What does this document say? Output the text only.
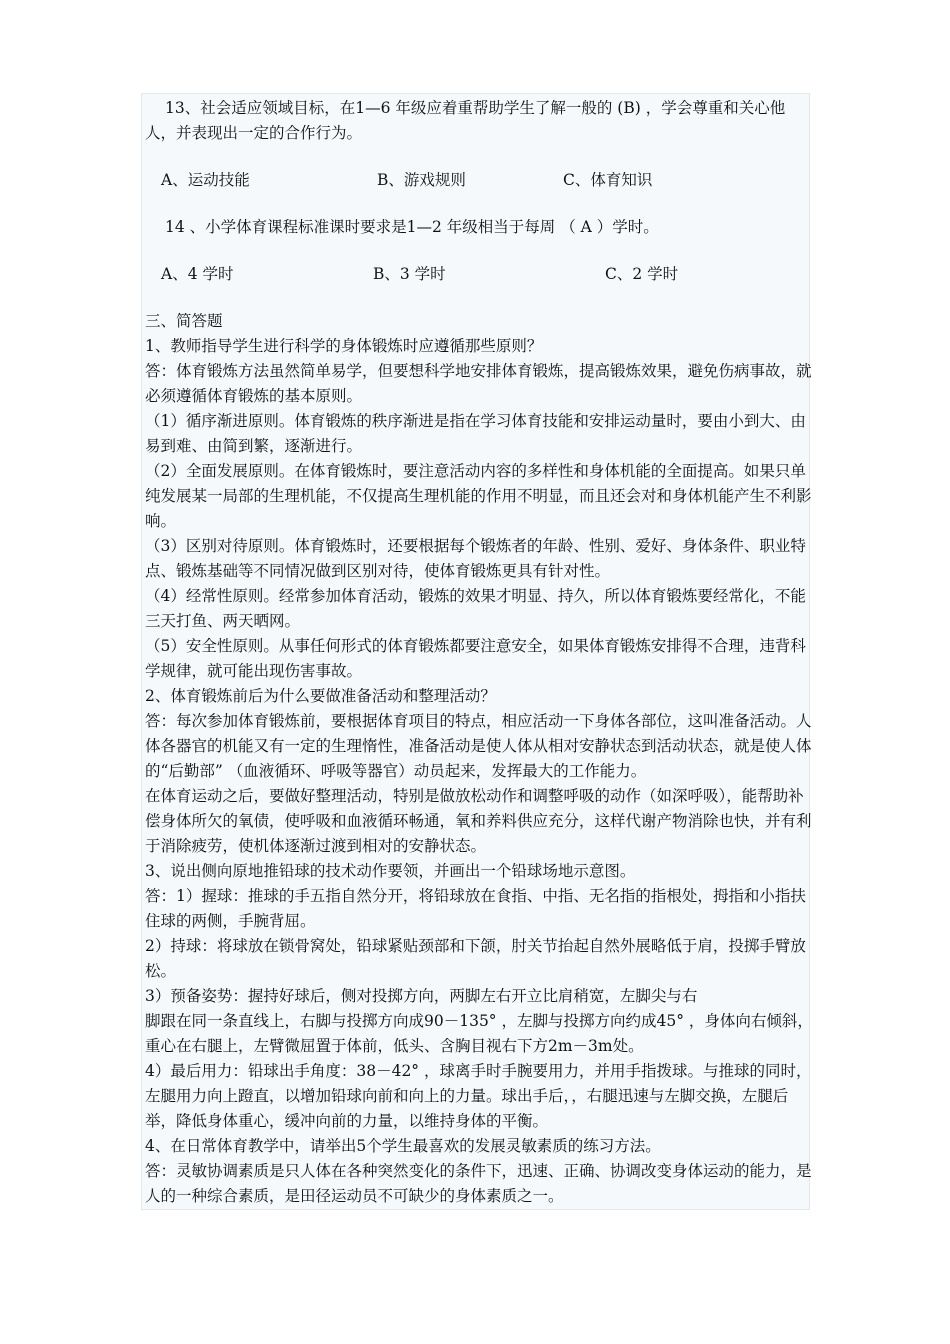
13、社会适应领域目标，在1—6 年级应着重帮助学生了解一般的 (B) ，学会尊重和关心他人，并表现出一定的合作行为。

A、运动技能	B、游戏规则	C、体育知识

14 、小学体育课程标准课时要求是1—2 年级相当于每周 （ A ）学时。

A、4 学时	B、3 学时	C、2 学时

三、简答题

1、教师指导学生进行科学的身体锻炼时应遵循那些原则？

答：体育锻炼方法虽然简单易学，但要想科学地安排体育锻炼，提高锻炼效果，避免伤病事故，就必须遵循体育锻炼的基本原则。

（1）循序渐进原则。体育锻炼的秩序渐进是指在学习体育技能和安排运动量时，要由小到大、由易到难、由简到繁，逐渐进行。

（2）全面发展原则。在体育锻炼时，要注意活动内容的多样性和身体机能的全面提高。如果只单纯发展某一局部的生理机能，不仅提高生理机能的作用不明显，而且还会对和身体机能产生不利影响。

（3）区别对待原则。体育锻炼时，还要根据每个锻炼者的年龄、性别、爱好、身体条件、职业特点、锻炼基础等不同情况做到区别对待，使体育锻炼更具有针对性。

（4）经常性原则。经常参加体育活动，锻炼的效果才明显、持久，所以体育锻炼要经常化，不能三天打鱼、两天晒网。

（5）安全性原则。从事任何形式的体育锻炼都要注意安全，如果体育锻炼安排得不合理，违背科学规律，就可能出现伤害事故。

2、体育锻炼前后为什么要做准备活动和整理活动？

答：每次参加体育锻炼前，要根据体育项目的特点，相应活动一下身体各部位，这叫准备活动。人体各器官的机能又有一定的生理惰性，准备活动是使人体从相对安静状态到活动状态，就是使人体的“后勤部” （血液循环、呼吸等器官）动员起来，发挥最大的工作能力。

在体育运动之后，要做好整理活动，特别是做放松动作和调整呼吸的动作（如深呼吸），能帮助补偿身体所欠的氧债，使呼吸和血液循环畅通，氧和养料供应充分，这样代谢产物消除也快，并有利于消除疲劳，使机体逐渐过渡到相对的安静状态。

3、说出侧向原地推铅球的技术动作要领，并画出一个铅球场地示意图。

答：1）握球：推球的手五指自然分开，将铅球放在食指、中指、无名指的指根处，拇指和小指扶住球的两侧，手腕背屈。

2）持球：将球放在锁骨窝处，铅球紧贴颈部和下颌，肘关节抬起自然外展略低于肩，投掷手臂放松。

3）预备姿势：握持好球后，侧对投掷方向，两脚左右开立比肩稍宽，左脚尖与右

脚跟在同一条直线上，右脚与投掷方向成90－135° ，左脚与投掷方向约成45° ，身体向右倾斜，重心在右腿上，左臂微屈置于体前，低头、含胸目视右下方2m－3m处。

4）最后用力：铅球出手角度：38－42° ，球离手时手腕要用力，并用手指拨球。与推球的同时，左腿用力向上蹬直，以增加铅球向前和向上的力量。球出手后，，右腿迅速与左脚交换，左腿后举，降低身体重心，缓冲向前的力量，以维持身体的平衡。

4、在日常体育教学中，请举出5个学生最喜欢的发展灵敏素质的练习方法。

答：灵敏协调素质是只人体在各种突然变化的条件下，迅速、正确、协调改变身体运动的能力，是人的一种综合素质，是田径运动员不可缺少的身体素质之一。
